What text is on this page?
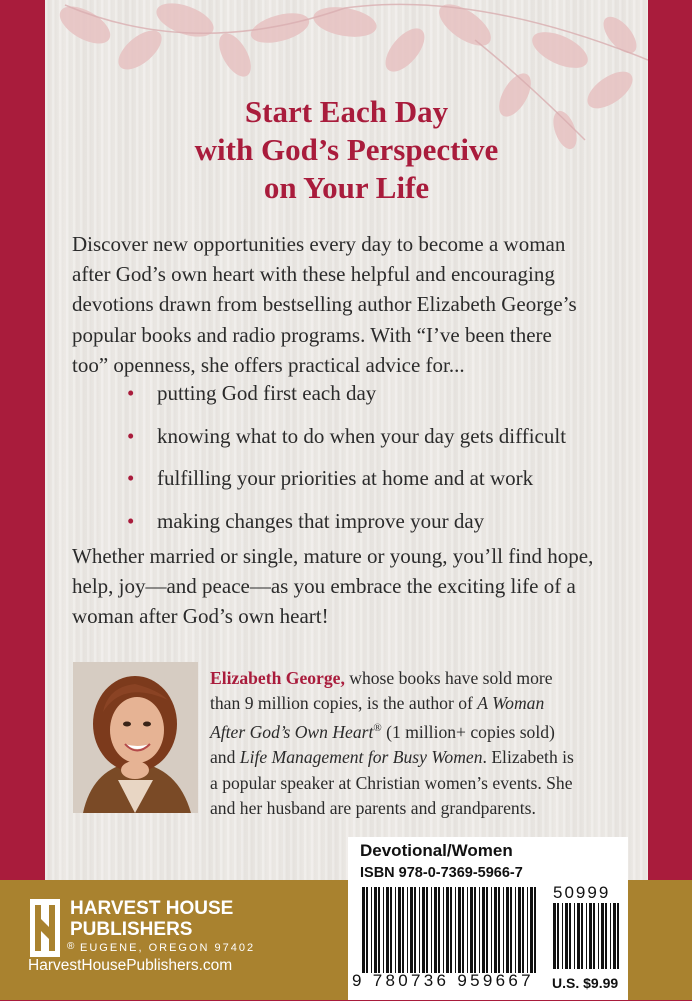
Start Each Day
with God’s Perspective
on Your Life
Discover new opportunities every day to become a woman
after God’s own heart with these helpful and encouraging
devotions drawn from bestselling author Elizabeth George’s
popular books and radio programs. With “I’ve been there
too” openness, she offers practical advice for...
• putting God first each day
• knowing what to do when your day gets difficult
• fulfilling your priorities at home and at work
• making changes that improve your day
Whether married or single, mature or young, you’ll find hope,
help, joy—and peace—as you embrace the exciting life of a
woman after God’s own heart!
Elizabeth George, whose books have sold more
than 9 million copies, is the author of A Woman
After God’s Own Heart® (1 million+ copies sold)
and Life Management for Busy Women. Elizabeth is
a popular speaker at Christian women’s events. She
and her husband are parents and grandparents.
HARVEST HOUSE
PUBLISHERS
® EUGENE, OREGON 97402
HarvestHousePublishers.com
Devotional/Women
ISBN 978-0-7369-5966-7
50999
9 780736 959667 U.S. $9.99
